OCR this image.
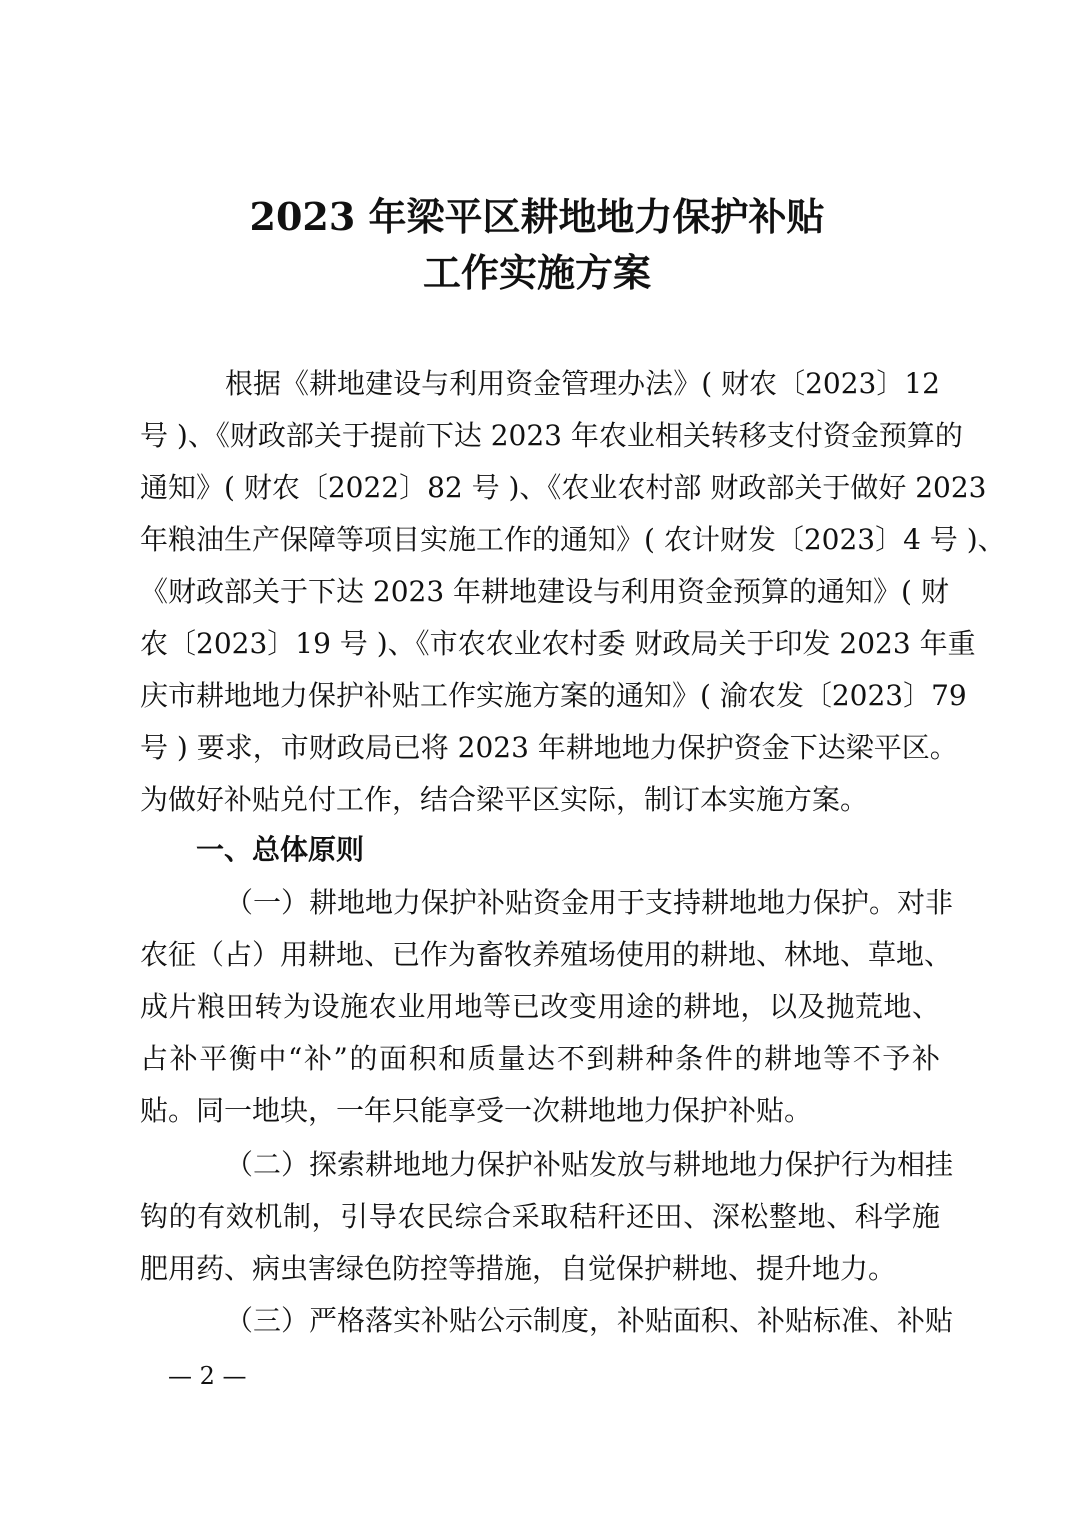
2023 年梁平区耕地地力保护补贴
工作实施方案
根据《耕地建设与利用资金管理办法》( 财农〔2023〕12
号 )、《财政部关于提前下达 2023 年农业相关转移支付资金预算的
通知》( 财农〔2022〕82 号 )、《农业农村部 财政部关于做好 2023
年粮油生产保障等项目实施工作的通知》( 农计财发〔2023〕4 号 )、
《财政部关于下达 2023 年耕地建设与利用资金预算的通知》( 财
农〔2023〕19 号 )、《市农农业农村委 财政局关于印发 2023 年重
庆市耕地地力保护补贴工作实施方案的通知》( 渝农发〔2023〕79
号 ) 要求，市财政局已将 2023 年耕地地力保护资金下达梁平区。
为做好补贴兑付工作，结合梁平区实际，制订本实施方案。
一、总体原则
（一）耕地地力保护补贴资金用于支持耕地地力保护。对非
农征（占）用耕地、已作为畜牧养殖场使用的耕地、林地、草地、
成片粮田转为设施农业用地等已改变用途的耕地，以及抛荒地、
占补平衡中“补”的面积和质量达不到耕种条件的耕地等不予补
贴。同一地块，一年只能享受一次耕地地力保护补贴。
（二）探索耕地地力保护补贴发放与耕地地力保护行为相挂
钩的有效机制，引导农民综合采取秸秆还田、深松整地、科学施
肥用药、病虫害绿色防控等措施，自觉保护耕地、提升地力。
（三）严格落实补贴公示制度，补贴面积、补贴标准、补贴
— 2 —
